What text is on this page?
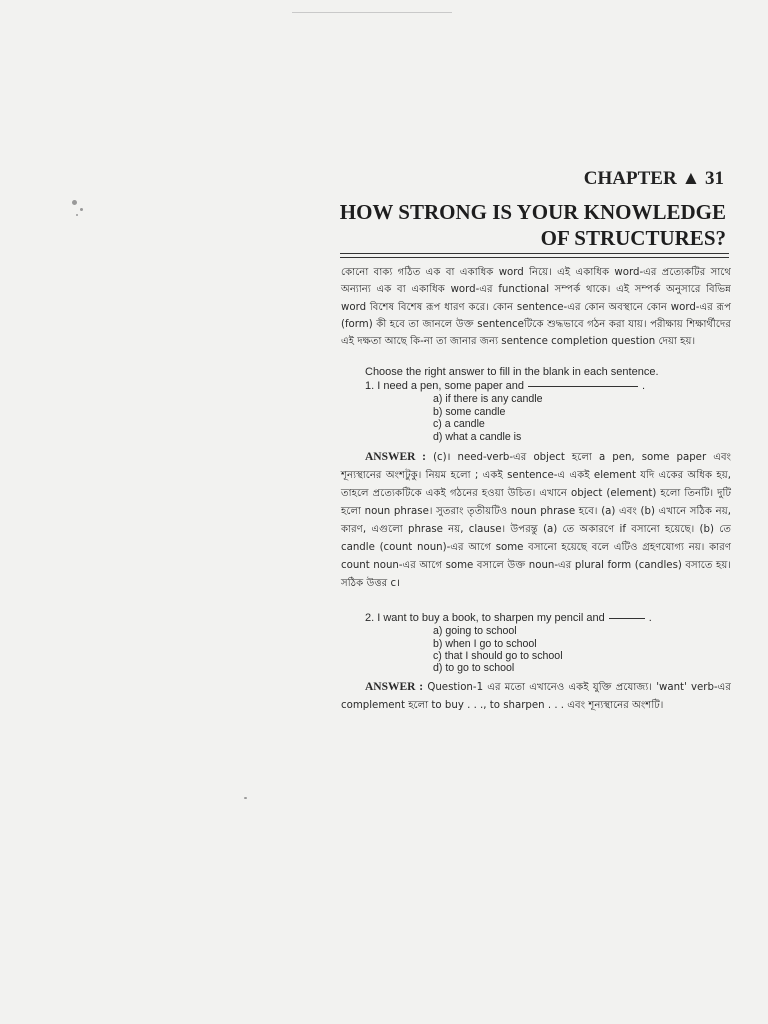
CHAPTER ▲ 31
HOW STRONG IS YOUR KNOWLEDGE OF STRUCTURES?

কোনো বাক্য গঠিত এক বা একাধিক word নিয়ে। এই একাধিক word-এর প্রত্যেকটির সাথে অন্যান্য এক বা একাধিক word-এর functional সম্পর্ক থাকে। এই সম্পর্ক অনুসারে বিভিন্ন word বিশেষ বিশেষ রূপ ধারণ করে। কোন sentence-এর কোন অবস্থানে কোন word-এর রূপ (form) কী হবে তা জানলে উক্ত sentenceটিকে শুদ্ধভাবে গঠন করা যায়। পরীক্ষায় শিক্ষার্থীদের এই দক্ষতা আছে কি-না তা জানার জন্য sentence completion question দেয়া হয়।

Choose the right answer to fill in the blank in each sentence.
1. I need a pen, some paper and	.
a) if there is any candle
b) some candle
c) a candle
d) what a candle is

ANSWER : (c)। need-verb-এর object হলো a pen, some paper এবং শূন্যস্থানের অংশটুকু। নিয়ম হলো ; একই sentence-এ একই element যদি একের অধিক হয়, তাহলে প্রত্যেকটিকে একই গঠনের হওয়া উচিত। এখানে object (element) হলো তিনটি। দুটি হলো noun phrase। সুতরাং তৃতীয়টিও noun phrase হবে। (a) এবং (b) এখানে সঠিক নয়, কারণ, এগুলো phrase নয়, clause। উপরন্তু (a) তে অকারণে if বসানো হয়েছে। (b) তে candle (count noun)-এর আগে some বসানো হয়েছে বলে এটিও গ্রহণযোগ্য নয়। কারণ count noun-এর আগে some বসালে উক্ত noun-এর plural form (candles) বসাতে হয়। সঠিক উত্তর c।

2. I want to buy a book, to sharpen my pencil and	.
a) going to school
b) when I go to school
c) that I should go to school
d) to go to school

ANSWER : Question-1 এর মতো এখানেও একই যুক্তি প্রযোজ্য। 'want' verb-এর complement হলো to buy . . ., to sharpen . . . এবং শূন্যস্থানের অংশটি।
